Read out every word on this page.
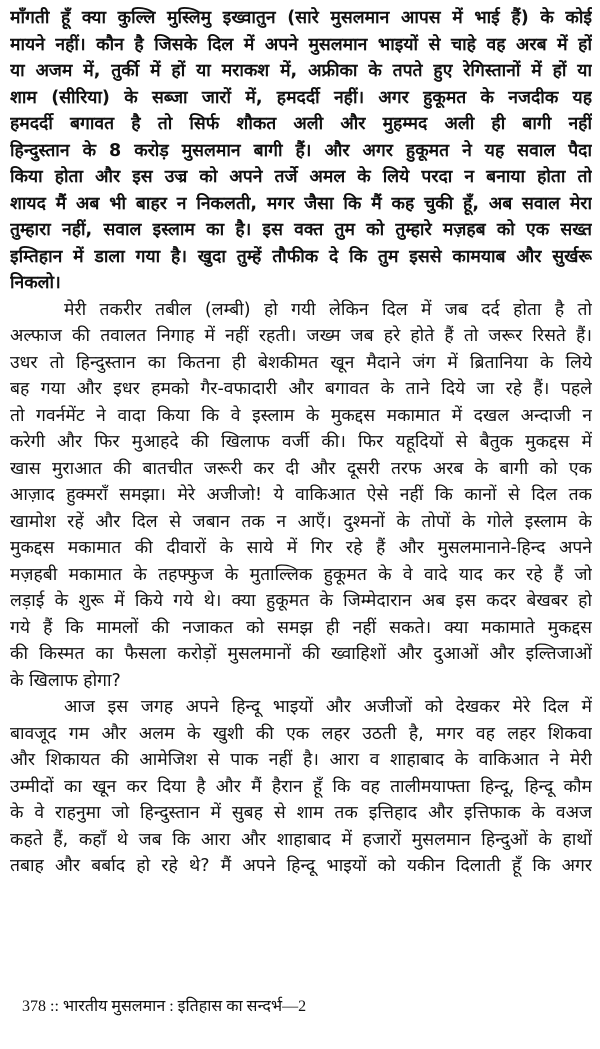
माँगती हूँ क्या कुल्लि मुस्लिमु इख्वातुन (सारे मुसलमान आपस में भाई हैं) के कोई
मायने नहीं। कौन है जिसके दिल में अपने मुसलमान भाइयों से चाहे वह अरब में हों
या अजम में, तुर्की में हों या मराकश में, अफ्रीका के तपते हुए रेगिस्तानों में हों या
शाम (सीरिया) के सब्जा जारों में, हमदर्दी नहीं। अगर हुकूमत के नजदीक यह
हमदर्दी बगावत है तो सिर्फ शौकत अली और मुहम्मद अली ही बागी नहीं
हिन्दुस्तान के 8 करोड़ मुसलमान बागी हैं। और अगर हुकूमत ने यह सवाल पैदा
किया होता और इस उज्र को अपने तर्जे अमल के लिये परदा न बनाया होता तो
शायद मैं अब भी बाहर न निकलती, मगर जैसा कि मैं कह चुकी हूँ, अब सवाल मेरा
तुम्हारा नहीं, सवाल इस्लाम का है। इस वक्त तुम को तुम्हारे मज़हब को एक सख्त
इम्तिहान में डाला गया है। खुदा तुम्हें तौफीक दे कि तुम इससे कामयाब और सुर्खरू
निकलो।
मेरी तकरीर तबील (लम्बी) हो गयी लेकिन दिल में जब दर्द होता है तो
अल्फाज की तवालत निगाह में नहीं रहती। जख्म जब हरे होते हैं तो जरूर रिसते हैं।
उधर तो हिन्दुस्तान का कितना ही बेशकीमत खून मैदाने जंग में ब्रितानिया के लिये
बह गया और इधर हमको गैर-वफादारी और बगावत के ताने दिये जा रहे हैं। पहले
तो गवर्नमेंट ने वादा किया कि वे इस्लाम के मुकद्दस मकामात में दखल अन्दाजी न
करेगी और फिर मुआहदे की खिलाफ वर्जी की। फिर यहूदियों से बैतुक मुकद्दस में
खास मुराआत की बातचीत जरूरी कर दी और दूसरी तरफ अरब के बागी को एक
आज़ाद हुक्मराँ समझा। मेरे अजीजो! ये वाकिआत ऐसे नहीं कि कानों से दिल तक
खामोश रहें और दिल से जबान तक न आएँ। दुश्मनों के तोपों के गोले इस्लाम के
मुकद्दस मकामात की दीवारों के साये में गिर रहे हैं और मुसलमानाने-हिन्द अपने
मज़हबी मकामात के तहफ्फुज के मुताल्लिक हुकूमत के वे वादे याद कर रहे हैं जो
लड़ाई के शुरू में किये गये थे। क्या हुकूमत के जिम्मेदारान अब इस कदर बेखबर हो
गये हैं कि मामलों की नजाकत को समझ ही नहीं सकते। क्या मकामाते मुकद्दस
की किस्मत का फैसला करोड़ों मुसलमानों की ख्वाहिशों और दुआओं और इल्तिजाओं
के खिलाफ होगा?
आज इस जगह अपने हिन्दू भाइयों और अजीजों को देखकर मेरे दिल में
बावजूद गम और अलम के खुशी की एक लहर उठती है, मगर वह लहर शिकवा
और शिकायत की आमेजिश से पाक नहीं है। आरा व शाहाबाद के वाकिआत ने मेरी
उम्मीदों का खून कर दिया है और मैं हैरान हूँ कि वह तालीमयाफ्ता हिन्दू, हिन्दू कौम
के वे राहनुमा जो हिन्दुस्तान में सुबह से शाम तक इत्तिहाद और इत्तिफाक के वअज
कहते हैं, कहाँ थे जब कि आरा और शाहाबाद में हजारों मुसलमान हिन्दुओं के हाथों
तबाह और बर्बाद हो रहे थे? मैं अपने हिन्दू भाइयों को यकीन दिलाती हूँ कि अगर
378 :: भारतीय मुसलमान : इतिहास का सन्दर्भ—2
